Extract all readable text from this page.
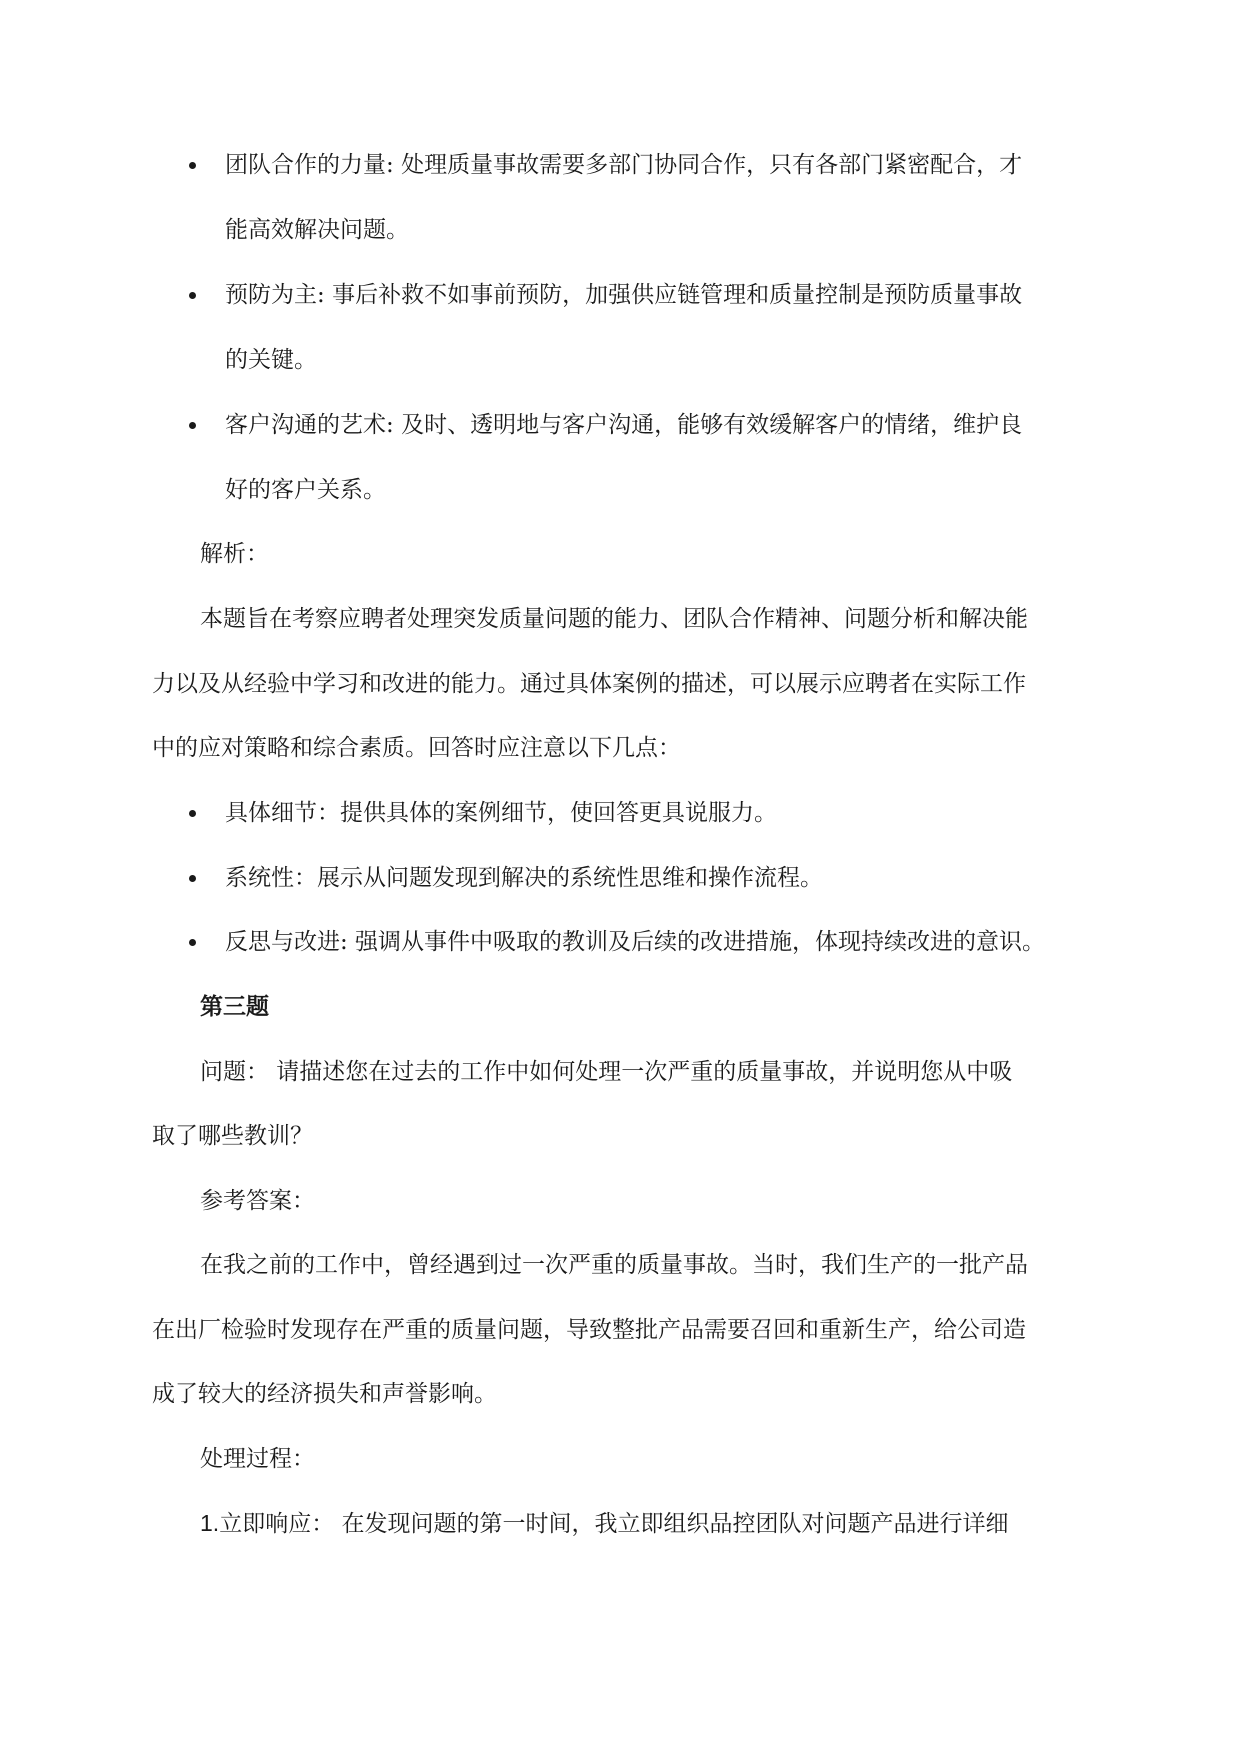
团队合作的力量: 处理质量事故需要多部门协同合作，只有各部门紧密配合，才
能高效解决问题。
预防为主: 事后补救不如事前预防，加强供应链管理和质量控制是预防质量事故
的关键。
客户沟通的艺术: 及时、透明地与客户沟通，能够有效缓解客户的情绪，维护良
好的客户关系。
解析：
本题旨在考察应聘者处理突发质量问题的能力、团队合作精神、问题分析和解决能
力以及从经验中学习和改进的能力。通过具体案例的描述，可以展示应聘者在实际工作
中的应对策略和综合素质。回答时应注意以下几点：
具体细节：提供具体的案例细节，使回答更具说服力。
系统性：展示从问题发现到解决的系统性思维和操作流程。
反思与改进: 强调从事件中吸取的教训及后续的改进措施，体现持续改进的意识。
第三题
问题： 请描述您在过去的工作中如何处理一次严重的质量事故，并说明您从中吸
取了哪些教训？
参考答案：
在我之前的工作中，曾经遇到过一次严重的质量事故。当时，我们生产的一批产品
在出厂检验时发现存在严重的质量问题，导致整批产品需要召回和重新生产，给公司造
成了较大的经济损失和声誉影响。
处理过程：
1.立即响应： 在发现问题的第一时间，我立即组织品控团队对问题产品进行详细
